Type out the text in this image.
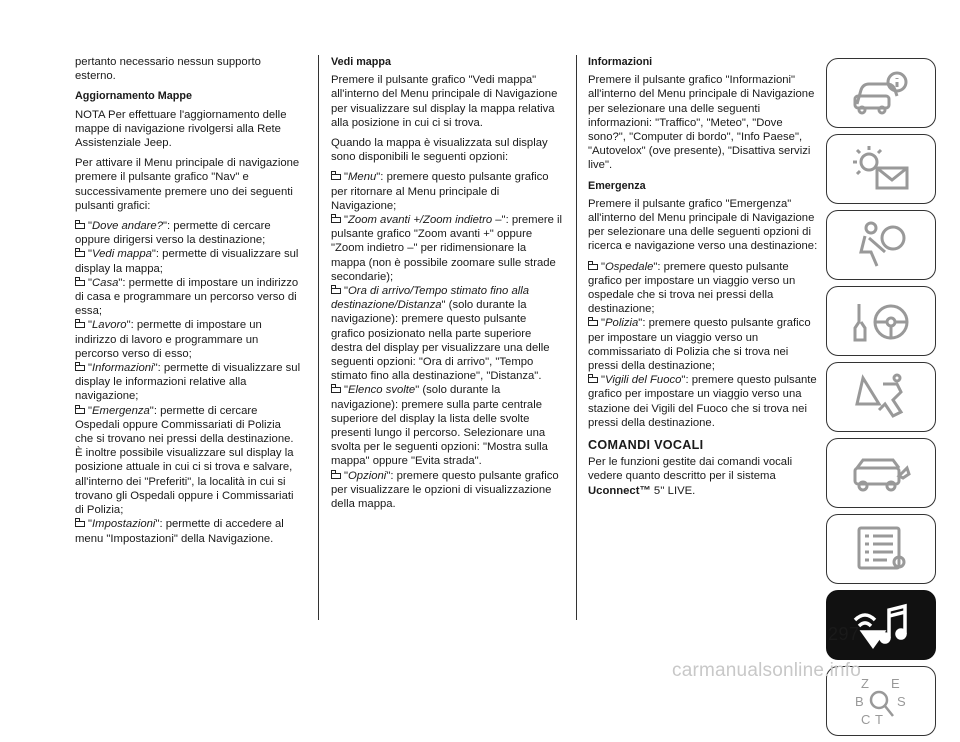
pertanto necessario nessun supporto esterno.

Aggiornamento Mappe

NOTA Per effettuare l'aggiornamento delle mappe di navigazione rivolgersi alla Rete Assistenziale Jeep.

Per attivare il Menu principale di navigazione premere il pulsante grafico "Nav" e successivamente premere uno dei seguenti pulsanti grafici:

"Dove andare?": permette di cercare oppure dirigersi verso la destinazione;
"Vedi mappa": permette di visualizzare sul display la mappa;
"Casa": permette di impostare un indirizzo di casa e programmare un percorso verso di essa;
"Lavoro": permette di impostare un indirizzo di lavoro e programmare un percorso verso di esso;
"Informazioni": permette di visualizzare sul display le informazioni relative alla navigazione;
"Emergenza": permette di cercare Ospedali oppure Commissariati di Polizia che si trovano nei pressi della destinazione. È inoltre possibile visualizzare sul display la posizione attuale in cui ci si trova e salvare, all'interno dei "Preferiti", la località in cui si trovano gli Ospedali oppure i Commissariati di Polizia;
"Impostazioni": permette di accedere al menu "Impostazioni" della Navigazione.

Vedi mappa

Premere il pulsante grafico "Vedi mappa" all'interno del Menu principale di Navigazione per visualizzare sul display la mappa relativa alla posizione in cui ci si trova.

Quando la mappa è visualizzata sul display sono disponibili le seguenti opzioni:

"Menu": premere questo pulsante grafico per ritornare al Menu principale di Navigazione;
"Zoom avanti +/Zoom indietro –": premere il pulsante grafico "Zoom avanti +" oppure "Zoom indietro –" per ridimensionare la mappa (non è possibile zoomare sulle strade secondarie);
"Ora di arrivo/Tempo stimato fino alla destinazione/Distanza" (solo durante la navigazione): premere questo pulsante grafico posizionato nella parte superiore destra del display per visualizzare una delle seguenti opzioni: "Ora di arrivo", "Tempo stimato fino alla destinazione", "Distanza".
"Elenco svolte" (solo durante la navigazione): premere sulla parte centrale superiore del display la lista delle svolte presenti lungo il percorso. Selezionare una svolta per le seguenti opzioni: "Mostra sulla mappa" oppure "Evita strada".
"Opzioni": premere questo pulsante grafico per visualizzare le opzioni di visualizzazione della mappa.

Informazioni

Premere il pulsante grafico "Informazioni" all'interno del Menu principale di Navigazione per selezionare una delle seguenti informazioni: "Traffico", "Meteo", "Dove sono?", "Computer di bordo", "Info Paese", "Autovelox" (ove presente), "Disattiva servizi live".

Emergenza

Premere il pulsante grafico "Emergenza" all'interno del Menu principale di Navigazione per selezionare una delle seguenti opzioni di ricerca e navigazione verso una destinazione:

"Ospedale": premere questo pulsante grafico per impostare un viaggio verso un ospedale che si trova nei pressi della destinazione;
"Polizia": premere questo pulsante grafico per impostare un viaggio verso un commissariato di Polizia che si trova nei pressi della destinazione;
"Vigili del Fuoco": premere questo pulsante grafico per impostare un viaggio verso una stazione dei Vigili del Fuoco che si trova nei pressi della destinazione.

COMANDI VOCALI

Per le funzioni gestite dai comandi vocali vedere quanto descritto per il sistema Uconnect™ 5'' LIVE.

Z E
B	S
C T
297
carmanualsonline.info
